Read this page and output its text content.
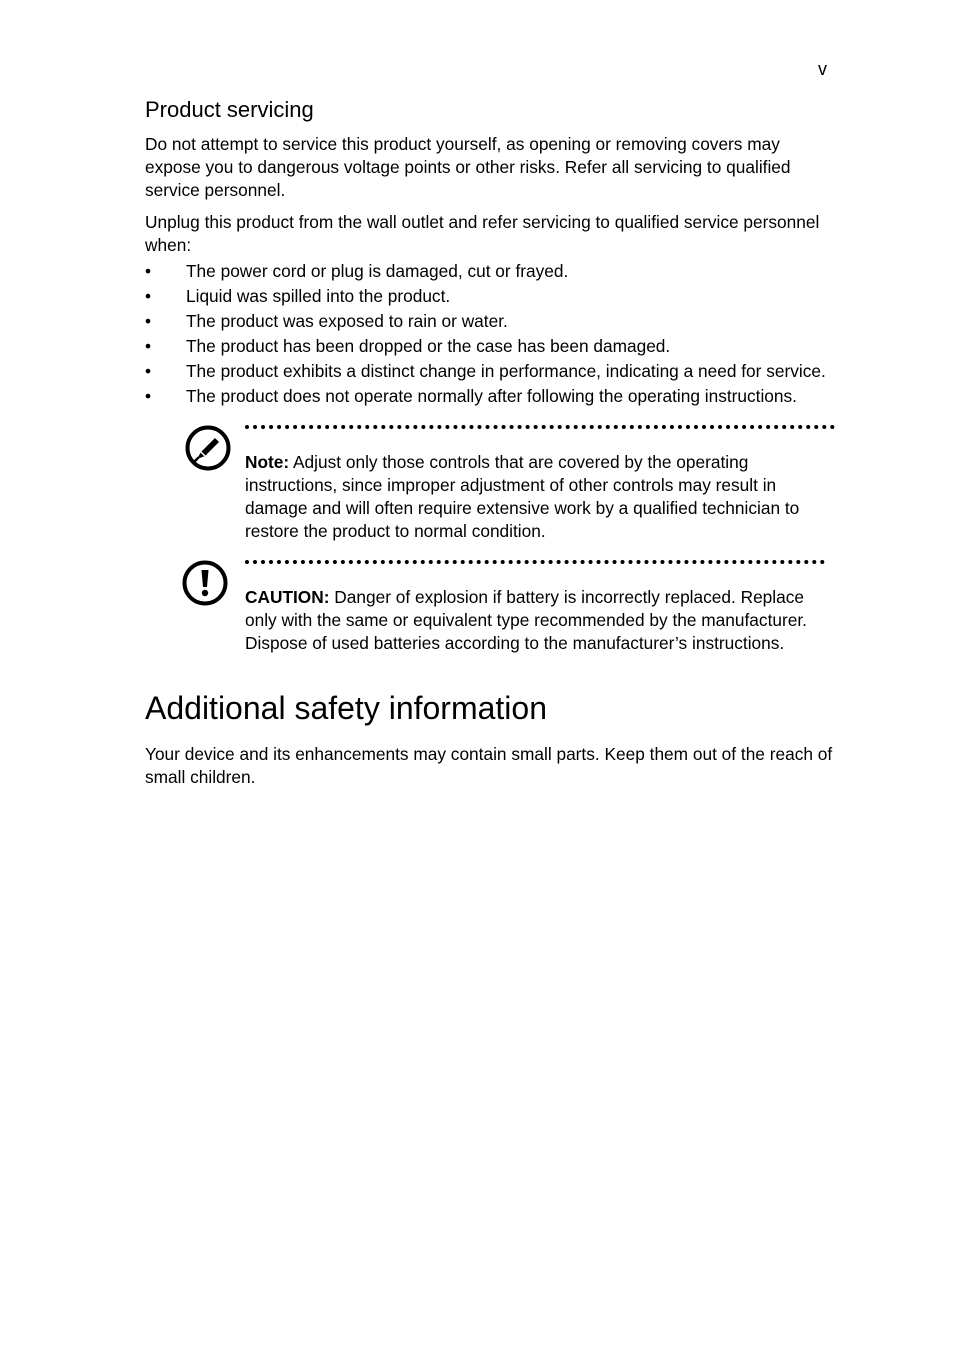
v
Product servicing

Do not attempt to service this product yourself, as opening or removing covers may expose you to dangerous voltage points or other risks. Refer all servicing to qualified service personnel.

Unplug this product from the wall outlet and refer servicing to qualified service personnel when:

• The power cord or plug is damaged, cut or frayed.
• Liquid was spilled into the product.
• The product was exposed to rain or water.
• The product has been dropped or the case has been damaged.
• The product exhibits a distinct change in performance, indicating a need for service.
• The product does not operate normally after following the operating instructions.
Note: Adjust only those controls that are covered by the operating instructions, since improper adjustment of other controls may result in damage and will often require extensive work by a qualified technician to restore the product to normal condition.
CAUTION: Danger of explosion if battery is incorrectly replaced. Replace only with the same or equivalent type recommended by the manufacturer. Dispose of used batteries according to the manufacturer’s instructions.
Additional safety information

Your device and its enhancements may contain small parts. Keep them out of the reach of small children.
